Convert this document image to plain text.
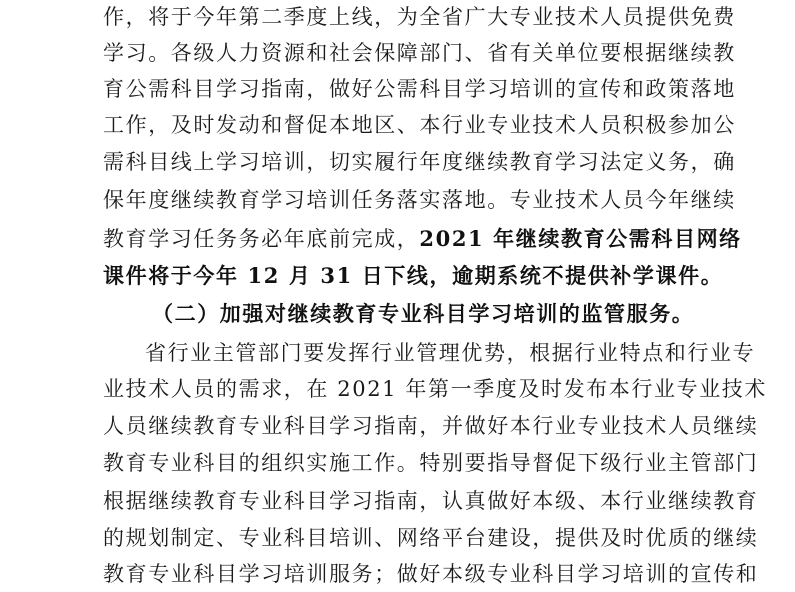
作，将于今年第二季度上线，为全省广大专业技术人员提供免费
学习。各级人力资源和社会保障部门、省有关单位要根据继续教
育公需科目学习指南，做好公需科目学习培训的宣传和政策落地
工作，及时发动和督促本地区、本行业专业技术人员积极参加公
需科目线上学习培训，切实履行年度继续教育学习法定义务，确
保年度继续教育学习培训任务落实落地。专业技术人员今年继续
教育学习任务务必年底前完成，2021 年继续教育公需科目网络
课件将于今年 12 月 31 日下线，逾期系统不提供补学课件。
（二）加强对继续教育专业科目学习培训的监管服务。
省行业主管部门要发挥行业管理优势，根据行业特点和行业专
业技术人员的需求，在 2021 年第一季度及时发布本行业专业技术
人员继续教育专业科目学习指南，并做好本行业专业技术人员继续
教育专业科目的组织实施工作。特别要指导督促下级行业主管部门
根据继续教育专业科目学习指南，认真做好本级、本行业继续教育
的规划制定、专业科目培训、网络平台建设，提供及时优质的继续
教育专业科目学习培训服务；做好本级专业科目学习培训的宣传和
